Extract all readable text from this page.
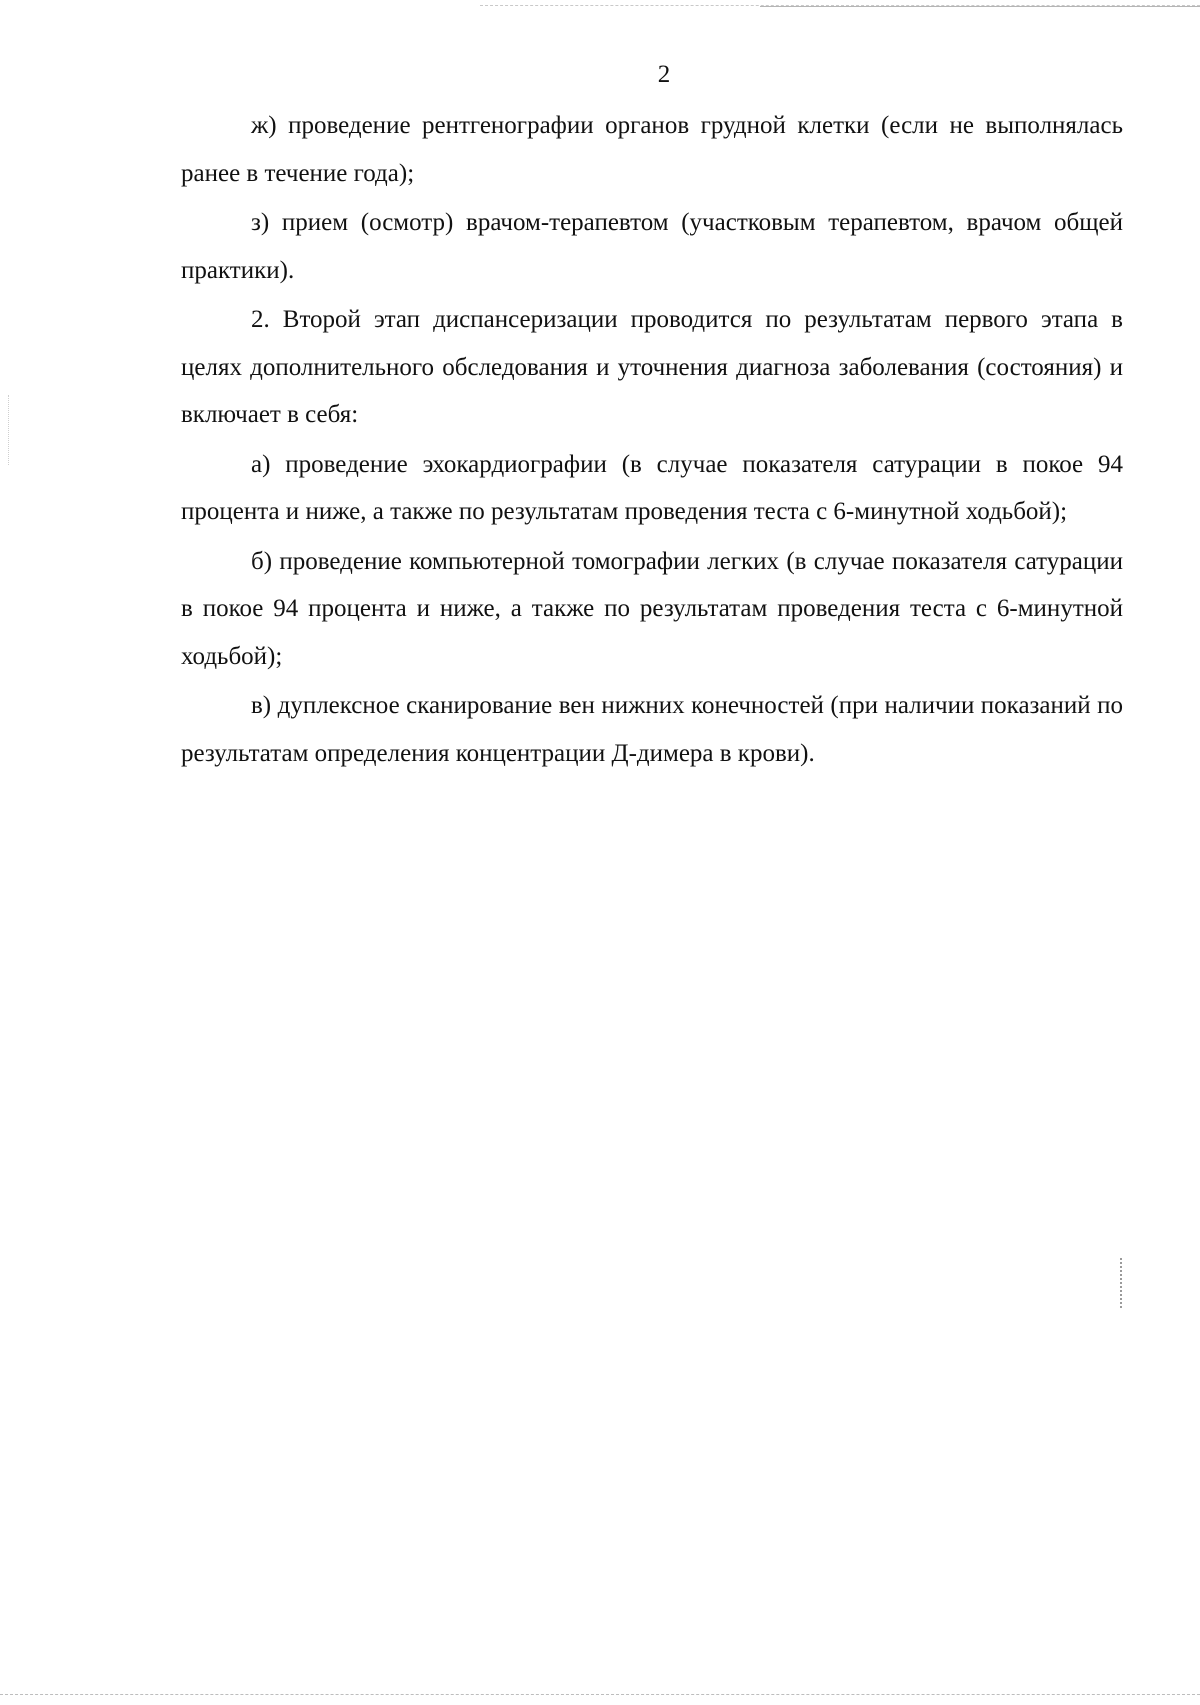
2

ж) проведение рентгенографии органов грудной клетки (если не выполнялась ранее в течение года);

з) прием (осмотр) врачом-терапевтом (участковым терапевтом, врачом общей практики).

2. Второй этап диспансеризации проводится по результатам первого этапа в целях дополнительного обследования и уточнения диагноза заболевания (состояния) и включает в себя:

а) проведение эхокардиографии (в случае показателя сатурации в покое 94 процента и ниже, а также по результатам проведения теста с 6-минутной ходьбой);

б) проведение компьютерной томографии легких (в случае показателя сатурации в покое 94 процента и ниже, а также по результатам проведения теста с 6-минутной ходьбой);

в) дуплексное сканирование вен нижних конечностей (при наличии показаний по результатам определения концентрации Д-димера в крови).
